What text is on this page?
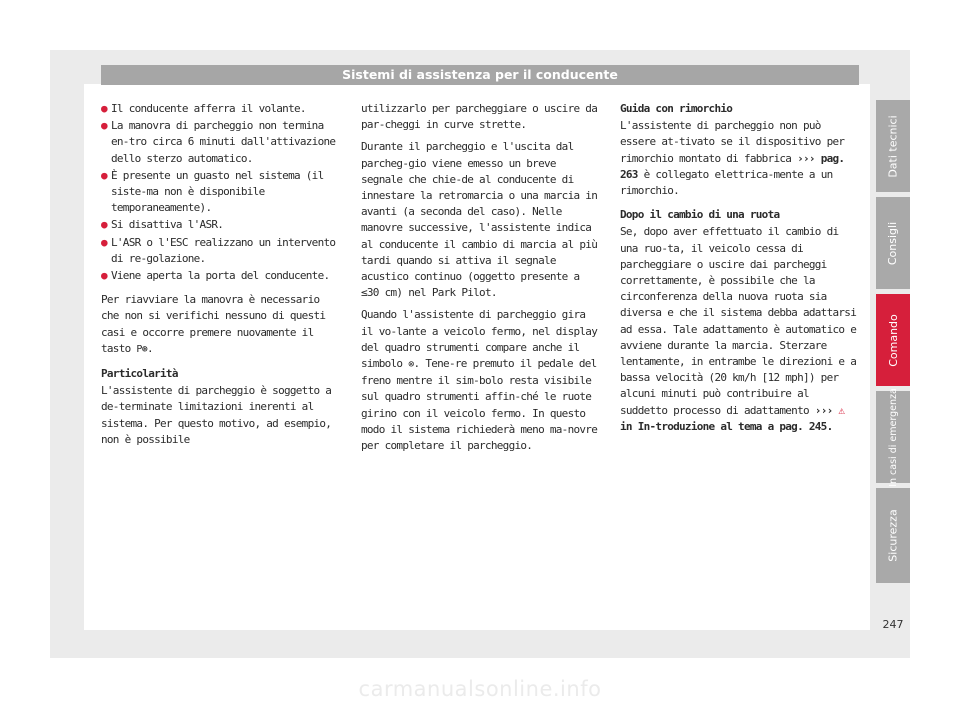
Sistemi di assistenza per il conducente
● Il conducente afferra il volante.
● La manovra di parcheggio non termina en-tro circa 6 minuti dall'attivazione dello sterzo automatico.
● È presente un guasto nel sistema (il siste-ma non è disponibile temporaneamente).
● Si disattiva l'ASR.
● L'ASR o l'ESC realizzano un intervento di re-golazione.
● Viene aperta la porta del conducente.

Per riavviare la manovra è necessario che non si verifichi nessuno di questi casi e occorre premere nuovamente il tasto P⊛.

Particolarità

L'assistente di parcheggio è soggetto a de-terminate limitazioni inerenti al sistema. Per questo motivo, ad esempio, non è possibile

utilizzarlo per parcheggiare o uscire da par-cheggi in curve strette.

Durante il parcheggio e l'uscita dal parcheg-gio viene emesso un breve segnale che chie-de al conducente di innestare la retromarcia o una marcia in avanti (a seconda del caso). Nelle manovre successive, l'assistente indica al conducente il cambio di marcia al più tardi quando si attiva il segnale acustico continuo (oggetto presente a ≤30 cm) nel Park Pilot.

Quando l'assistente di parcheggio gira il vo-lante a veicolo fermo, nel display del quadro strumenti compare anche il simbolo ⊗. Tene-re premuto il pedale del freno mentre il sim-bolo resta visibile sul quadro strumenti affin-ché le ruote girino con il veicolo fermo. In questo modo il sistema richiederà meno ma-novre per completare il parcheggio.

Guida con rimorchio

L'assistente di parcheggio non può essere at-tivato se il dispositivo per rimorchio montato di fabbrica ››› pag. 263 è collegato elettrica-mente a un rimorchio.

Dopo il cambio di una ruota

Se, dopo aver effettuato il cambio di una ruo-ta, il veicolo cessa di parcheggiare o uscire dai parcheggi correttamente, è possibile che la circonferenza della nuova ruota sia diversa e che il sistema debba adattarsi ad essa. Tale adattamento è automatico e avviene durante la marcia. Sterzare lentamente, in entrambe le direzioni e a bassa velocità (20 km/h [12 mph]) per alcuni minuti può contribuire al suddetto processo di adattamento ››› ⚠ in In-troduzione al tema a pag. 245.

Dati tecnici
Consigli
Comando
In casi di emergenza
Sicurezza
247
carmanualsonline.info
